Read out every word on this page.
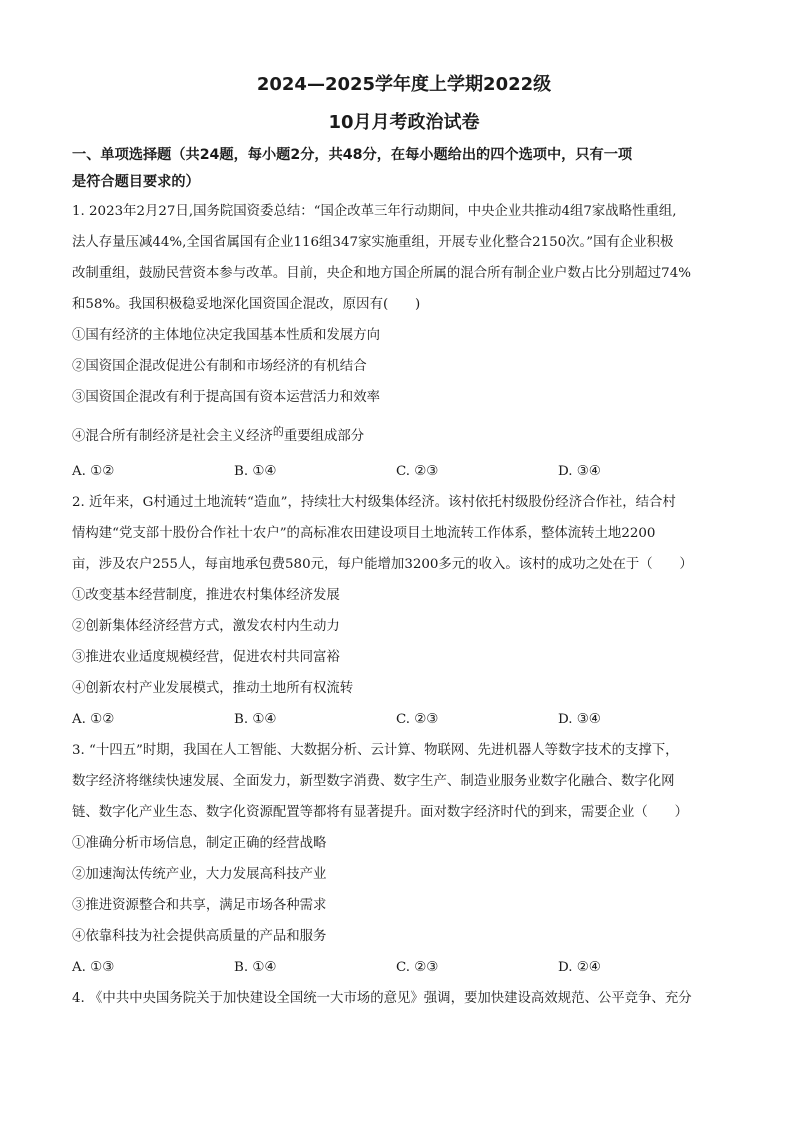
2024—2025学年度上学期2022级
10月月考政治试卷
一、单项选择题（共24题，每小题2分，共48分，在每小题给出的四个选项中，只有一项
是符合题目要求的）
1. 2023年2月27日,国务院国资委总结：“国企改革三年行动期间，中央企业共推动4组7家战略性重组,
法人存量压减44%,全国省属国有企业116组347家实施重组，开展专业化整合2150次。”国有企业积极
改制重组，鼓励民营资本参与改革。目前，央企和地方国企所属的混合所有制企业户数占比分别超过74%
和58%。我国积极稳妥地深化国资国企混改，原因有(　　)
①国有经济的主体地位决定我国基本性质和发展方向
②国资国企混改促进公有制和市场经济的有机结合
③国资国企混改有利于提高国有资本运营活力和效率
④混合所有制经济是社会主义经济$^的$重要组成部分
A. ①②	B. ①④	C. ②③	D. ③④
2. 近年来，G村通过土地流转“造血”，持续壮大村级集体经济。该村依托村级股份经济合作社，结合村
情构建“党支部十股份合作社十农户”的高标准农田建设项目土地流转工作体系，整体流转土地2200
亩，涉及农户255人，每亩地承包费580元，每户能增加3200多元的收入。该村的成功之处在于（　　）
①改变基本经营制度，推进农村集体经济发展
②创新集体经济经营方式，激发农村内生动力
③推进农业适度规模经营，促进农村共同富裕
④创新农村产业发展模式，推动土地所有权流转
A. ①②	B. ①④	C. ②③	D. ③④
3. “十四五”时期，我国在人工智能、大数据分析、云计算、物联网、先进机器人等数字技术的支撑下，
数字经济将继续快速发展、全面发力，新型数字消费、数字生产、制造业服务业数字化融合、数字化网
链、数字化产业生态、数字化资源配置等都将有显著提升。面对数字经济时代的到来，需要企业（　　）
①准确分析市场信息，制定正确的经营战略
②加速淘汰传统产业，大力发展高科技产业
③推进资源整合和共享，满足市场各种需求
④依靠科技为社会提供高质量的产品和服务
A. ①③	B. ①④	C. ②③	D. ②④
4. 《中共中央国务院关于加快建设全国统一大市场的意见》强调，要加快建设高效规范、公平竞争、充分
